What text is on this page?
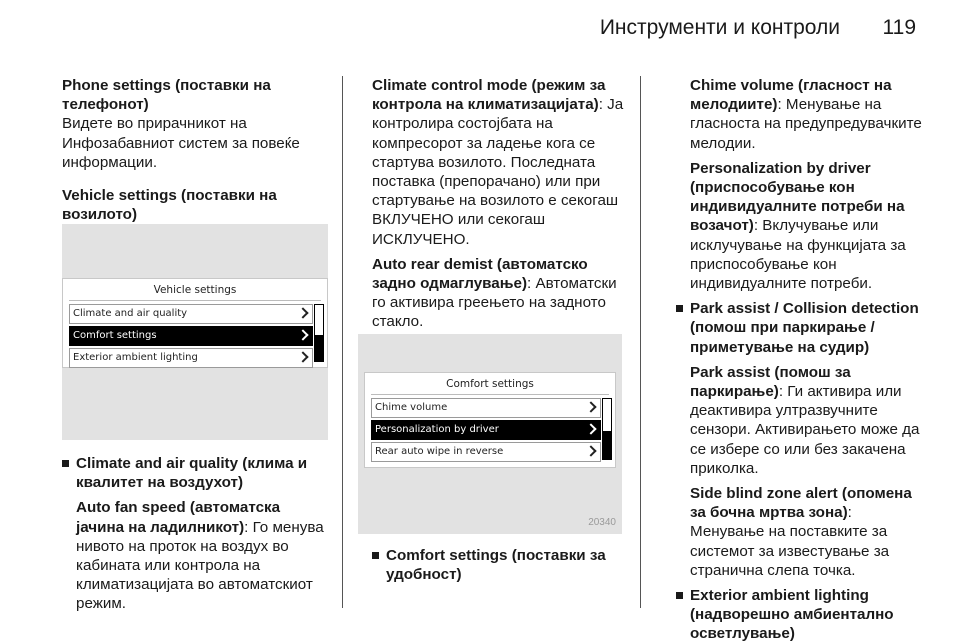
Инструменти и контроли	119

Phone settings (поставки на телефонот)

Видете во прирачникот на Инфозабавниот систем за повеќе информации.

Vehicle settings (поставки на возилото)

Climate and air quality (клима и квалитет на воздухот)

Auto fan speed (автоматска јачина на ладилникот): Го менува нивото на проток на воздух во кабината или контрола на климатизацијата во автоматскиот режим.

Vehicle settings
Climate and air quality
Comfort settings
Exterior ambient lighting

Climate control mode (режим за контрола на климатизацијата): Ја контролира состојбата на компресорот за ладење кога се стартува возилото. Последната поставка (препорачано) или при стартување на возилото е секогаш ВКЛУЧЕНО или секогаш ИСКЛУЧЕНО.

Auto rear demist (автоматско задно одмаглување): Автоматски го активира греењето на задното стакло.

Comfort settings
Chime volume
Personalization by driver
Rear auto wipe in reverse
20340

Comfort settings (поставки за удобност)

Chime volume (гласност на мелодиите): Менување на гласноста на предупредувачките мелодии.

Personalization by driver (приспособување кон индивидуалните потреби на возачот): Вклучување или исклучување на функцијата за приспособување кон индивидуалните потреби.

Park assist / Collision detection (помош при паркирање / приметување на судир)

Park assist (помош за паркирање): Ги активира или деактивира ултразвучните сензори. Активирањето може да се избере со или без закачена приколка.

Side blind zone alert (опомена за бочна мртва зона): Менување на поставките за системот за известување за странична слепа точка.

Exterior ambient lighting (надворешно амбиентално осветлување)
